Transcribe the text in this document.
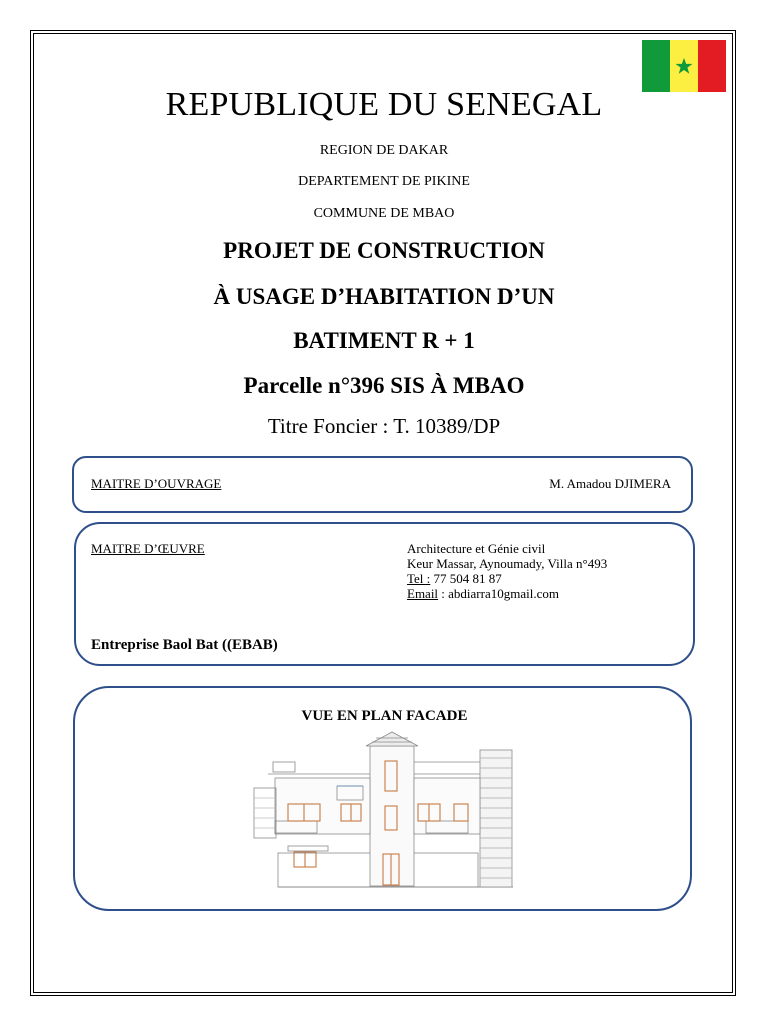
REPUBLIQUE DU SENEGAL
REGION DE DAKAR
DEPARTEMENT DE PIKINE
COMMUNE DE MBAO
PROJET DE CONSTRUCTION
À USAGE D’HABITATION D’UN
BATIMENT R + 1
Parcelle n°396 SIS À MBAO
Titre Foncier : T. 10389/DP
MAITRE D’OUVRAGE	M. Amadou DJIMERA
MAITRE D’ŒUVRE	Architecture et Génie civil
Keur Massar, Aynoumady, Villa n°493
Tel : 77 504 81 87
Email : abdiarra10gmail.com
Entreprise Baol Bat ((EBAB)
VUE EN PLAN FACADE
